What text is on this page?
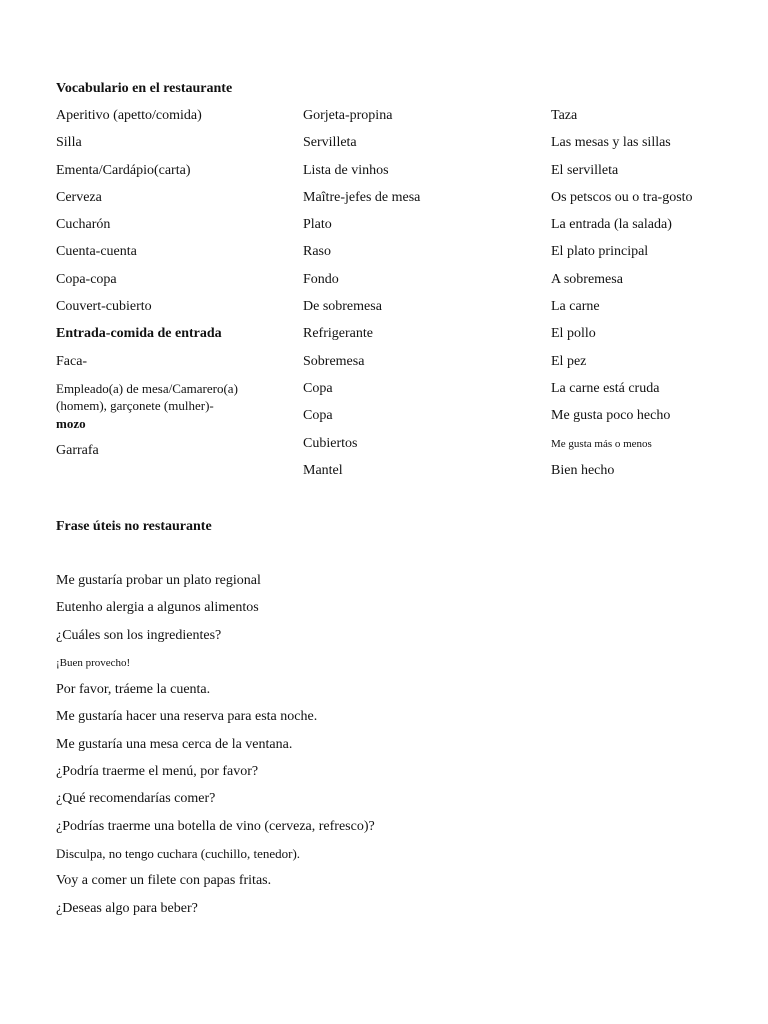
Vocabulario en el restaurante
Aperitivo (apetto/comida)
Silla
Ementa/Cardápio(carta)
Cerveza
Cucharón
Cuenta-cuenta
Copa-copa
Couvert-cubierto
Entrada-comida de entrada
Faca-
Empleado(a) de mesa/Camarero(a)
(homem), garçonete (mulher)-
mozo
Garrafa
Gorjeta-propina
Servilleta
Lista de vinhos
Maître-jefes de mesa
Plato
Raso
Fondo
De sobremesa
Refrigerante
Sobremesa
Copa
Copa
Cubiertos
Mantel
Taza
Las mesas y las sillas
El servilleta
Os petscos ou o tra-gosto
La entrada (la salada)
El plato principal
A sobremesa
La carne
El pollo
El pez
La carne está cruda
Me gusta poco hecho
Me gusta más o menos
Bien hecho
Frase úteis no restaurante
Me gustaría probar un plato regional
Eutenho alergia a algunos alimentos
¿Cuáles son los ingredientes?
¡Buen provecho!
Por favor, tráeme la cuenta.
Me gustaría hacer una reserva para esta noche.
Me gustaría una mesa cerca de la ventana.
¿Podría traerme el menú, por favor?
¿Qué recomendarías comer?
¿Podrías traerme una botella de vino (cerveza, refresco)?
Disculpa, no tengo cuchara (cuchillo, tenedor).
Voy a comer un filete con papas fritas.
¿Deseas algo para beber?
